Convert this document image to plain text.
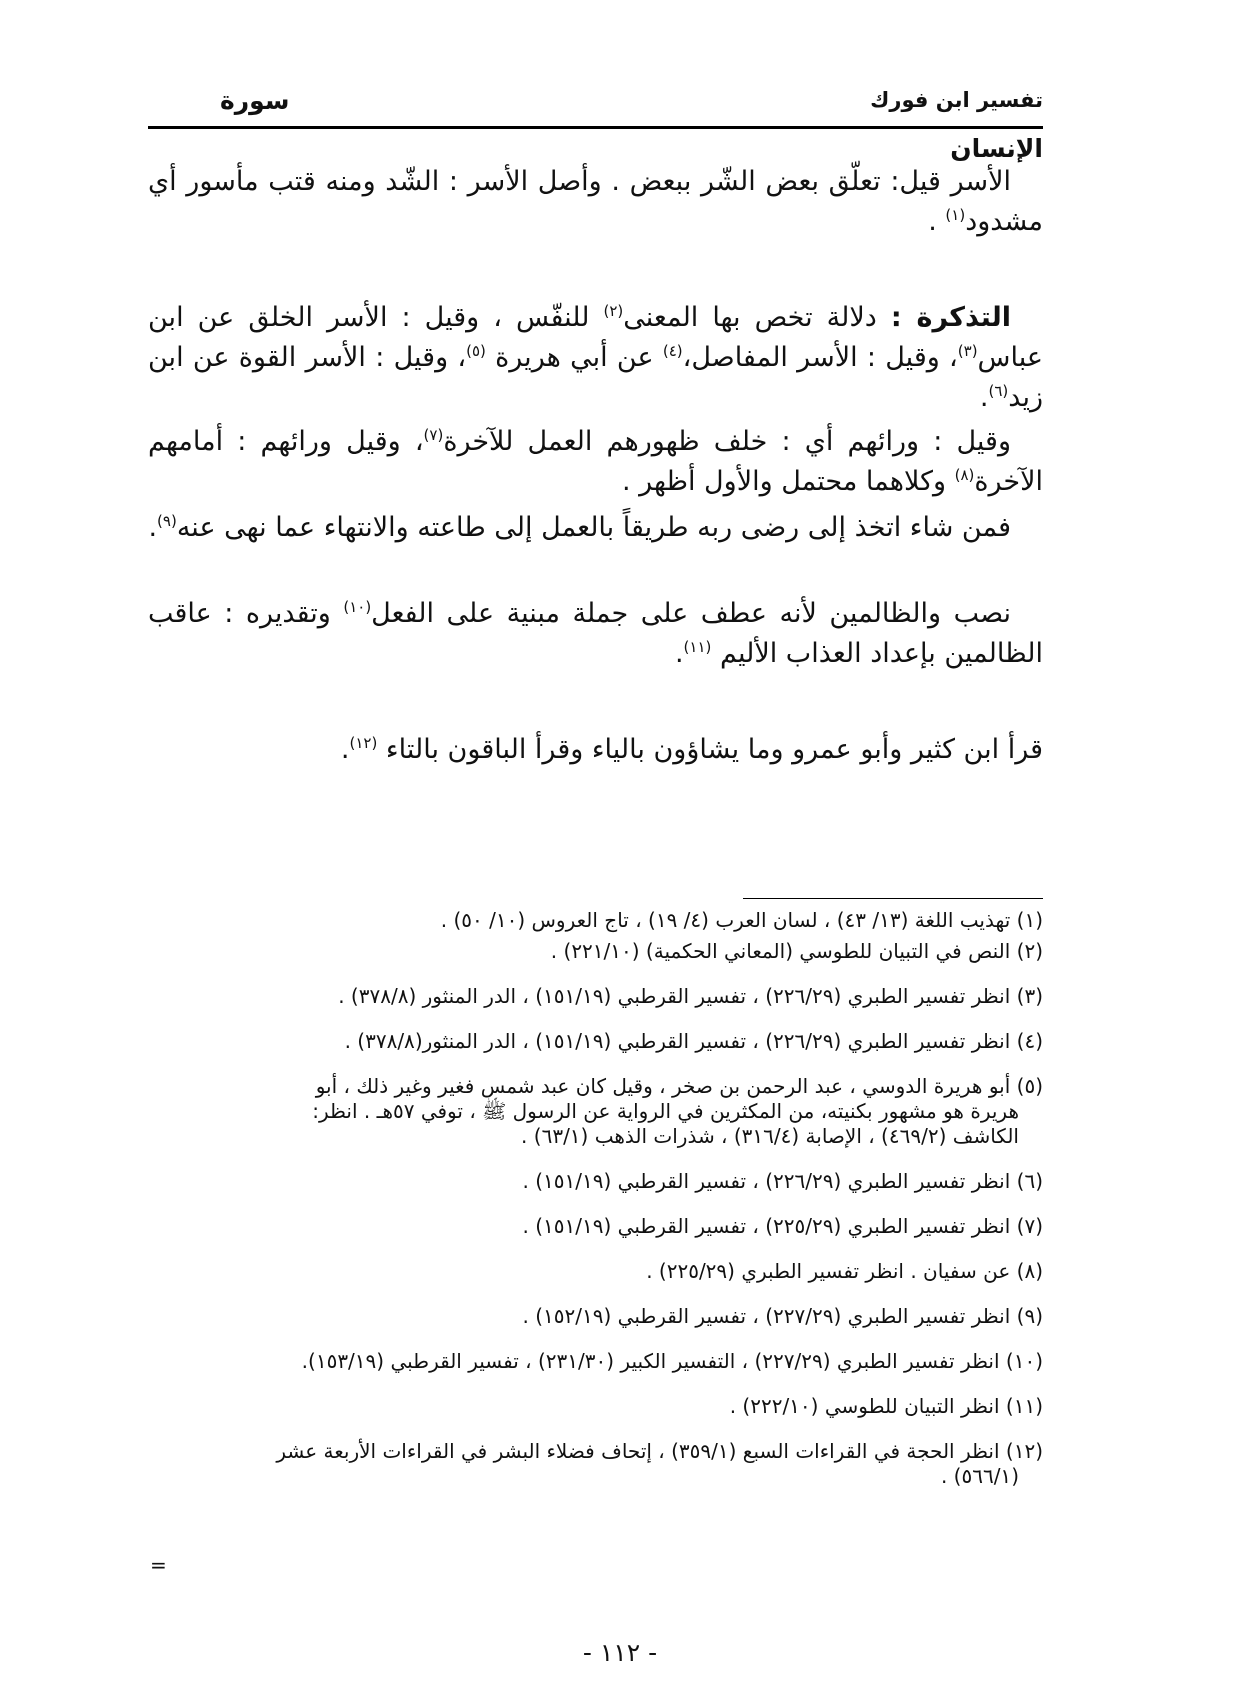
تفسير ابن فورك
سورة
الإنسان

الأسر قيل: تعلّق بعض الشّر ببعض . وأصل الأسر : الشّد ومنه قتب مأسور أي مشدود$^{(١)}$ .

التذكرة : دلالة تخص بها المعنى$^{(٢)}$ للنفّس ، وقيل : الأسر الخلق عن ابن عباس$^{(٣)}$، وقيل : الأسر المفاصل،$^{(٤)}$ عن أبي هريرة $^{(٥)}$، وقيل : الأسر القوة عن ابن زيد$^{(٦)}$.

وقيل : ورائهم أي : خلف ظهورهم العمل للآخرة$^{(٧)}$، وقيل ورائهم : أمامهم الآخرة$^{(٨)}$ وكلاهما محتمل والأول أظهر .

فمن شاء اتخذ إلى رضى ربه طريقاً بالعمل إلى طاعته والانتهاء عما نهى عنه$^{(٩)}$.

نصب والظالمين لأنه عطف على جملة مبنية على الفعل$^{(١٠)}$ وتقديره : عاقب الظالمين بإعداد العذاب الأليم $^{(١١)}$.

قرأ ابن كثير وأبو عمرو وما يشاؤون بالياء وقرأ الباقون بالتاء $^{(١٢)}$.

(١) تهذيب اللغة (١٣/ ٤٣) ، لسان العرب (٤/ ١٩) ، تاج العروس (١٠/ ٥٠) .
(٢) النص في التبيان للطوسي (المعاني الحكمية) (٢٢١/١٠) .
(٣) انظر تفسير الطبري (٢٢٦/٢٩) ، تفسير القرطبي (١٥١/١٩) ، الدر المنثور (٣٧٨/٨) .
(٤) انظر تفسير الطبري (٢٢٦/٢٩) ، تفسير القرطبي (١٥١/١٩) ، الدر المنثور(٣٧٨/٨) .
(٥) أبو هريرة الدوسي ، عبد الرحمن بن صخر ، وقيل كان عبد شمس فغير وغير ذلك ، أبو
هريرة هو مشهور بكنيته، من المكثرين في الرواية عن الرسول ﷺ ، توفي ٥٧هـ . انظر:
الكاشف (٤٦٩/٢) ، الإصابة (٣١٦/٤) ، شذرات الذهب (٦٣/١) .
(٦) انظر تفسير الطبري (٢٢٦/٢٩) ، تفسير القرطبي (١٥١/١٩) .
(٧) انظر تفسير الطبري (٢٢٥/٢٩) ، تفسير القرطبي (١٥١/١٩) .
(٨) عن سفيان . انظر تفسير الطبري (٢٢٥/٢٩) .
(٩) انظر تفسير الطبري (٢٢٧/٢٩) ، تفسير القرطبي (١٥٢/١٩) .
(١٠) انظر تفسير الطبري (٢٢٧/٢٩) ، التفسير الكبير (٢٣١/٣٠) ، تفسير القرطبي (١٥٣/١٩).
(١١) انظر التبيان للطوسي (٢٢٢/١٠) .
(١٢) انظر الحجة في القراءات السبع (٣٥٩/١) ، إتحاف فضلاء البشر في القراءات الأربعة عشر
(٥٦٦/١) .
=
- ١١٢ -
